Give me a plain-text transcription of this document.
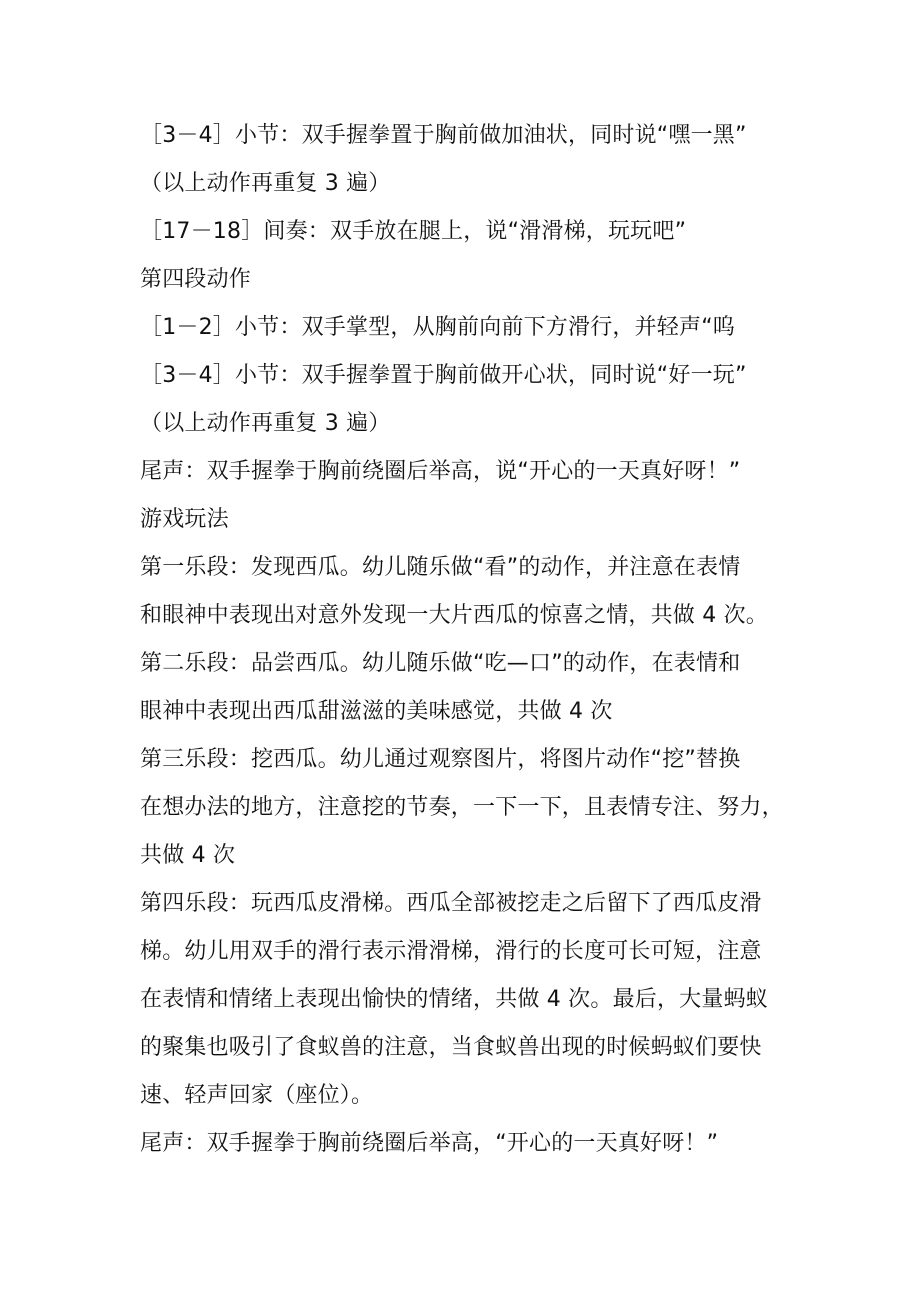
［3－4］小节：双手握拳置于胸前做加油状，同时说“嘿一黑”
（以上动作再重复 3 遍）
［17－18］间奏：双手放在腿上，说“滑滑梯，玩玩吧”
第四段动作
［1－2］小节：双手掌型，从胸前向前下方滑行，并轻声“呜
［3－4］小节：双手握拳置于胸前做开心状，同时说“好一玩”
（以上动作再重复 3 遍）
尾声：双手握拳于胸前绕圈后举高，说“开心的一天真好呀！”
游戏玩法
第一乐段：发现西瓜。幼儿随乐做“看”的动作，并注意在表情
和眼神中表现出对意外发现一大片西瓜的惊喜之情，共做 4 次。
第二乐段：品尝西瓜。幼儿随乐做“吃—口”的动作，在表情和
眼神中表现出西瓜甜滋滋的美味感觉，共做 4 次
第三乐段：挖西瓜。幼儿通过观察图片，将图片动作“挖”替换
在想办法的地方，注意挖的节奏，一下一下，且表情专注、努力，
共做 4 次
第四乐段：玩西瓜皮滑梯。西瓜全部被挖走之后留下了西瓜皮滑
梯。幼儿用双手的滑行表示滑滑梯，滑行的长度可长可短，注意
在表情和情绪上表现出愉快的情绪，共做 4 次。最后，大量蚂蚁
的聚集也吸引了食蚁兽的注意，当食蚁兽出现的时候蚂蚁们要快
速、轻声回家（座位）。
尾声：双手握拳于胸前绕圈后举高，“开心的一天真好呀！”
